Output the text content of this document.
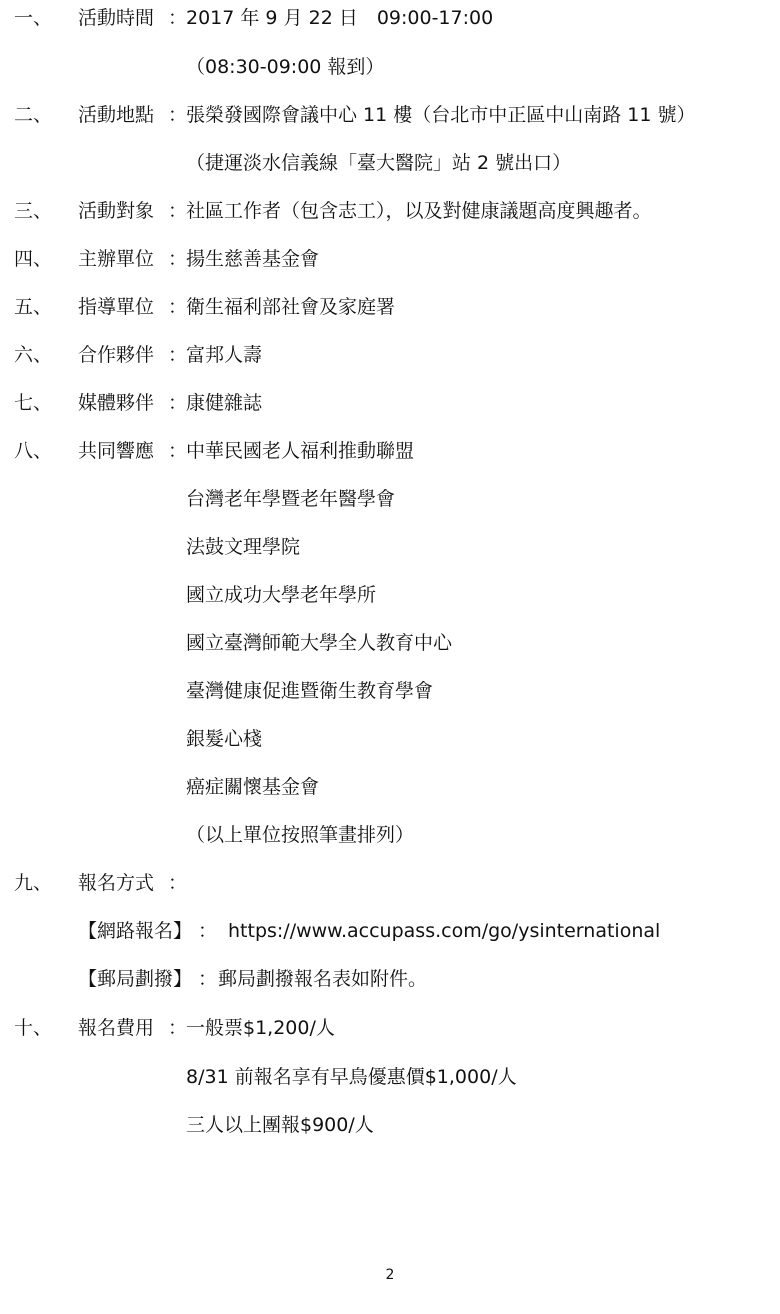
一、 活動時間 ：
2017 年 9 月 22 日　09:00-17:00
（08:30-09:00 報到）
二、 活動地點 ：
張榮發國際會議中心 11 樓（台北市中正區中山南路 11 號）
（捷運淡水信義線「臺大醫院」站 2 號出口）
三、 活動對象 ：
社區工作者（包含志工），以及對健康議題高度興趣者。
四、 主辦單位 ：
揚生慈善基金會
五、 指導單位 ：
衛生福利部社會及家庭署
六、 合作夥伴 ：
富邦人壽
七、 媒體夥伴 ：
康健雜誌
八、 共同響應 ：
中華民國老人福利推動聯盟
台灣老年學暨老年醫學會
法鼓文理學院
國立成功大學老年學所
國立臺灣師範大學全人教育中心
臺灣健康促進暨衛生教育學會
銀髮心棧
癌症關懷基金會
（以上單位按照筆畫排列）
九、 報名方式 ：
【網路報名】 ： https://www.accupass.com/go/ysinternational
【郵局劃撥】 ： 郵局劃撥報名表如附件。
十、 報名費用 ：
一般票$1,200/人
8/31 前報名享有早鳥優惠價$1,000/人
三人以上團報$900/人
2
